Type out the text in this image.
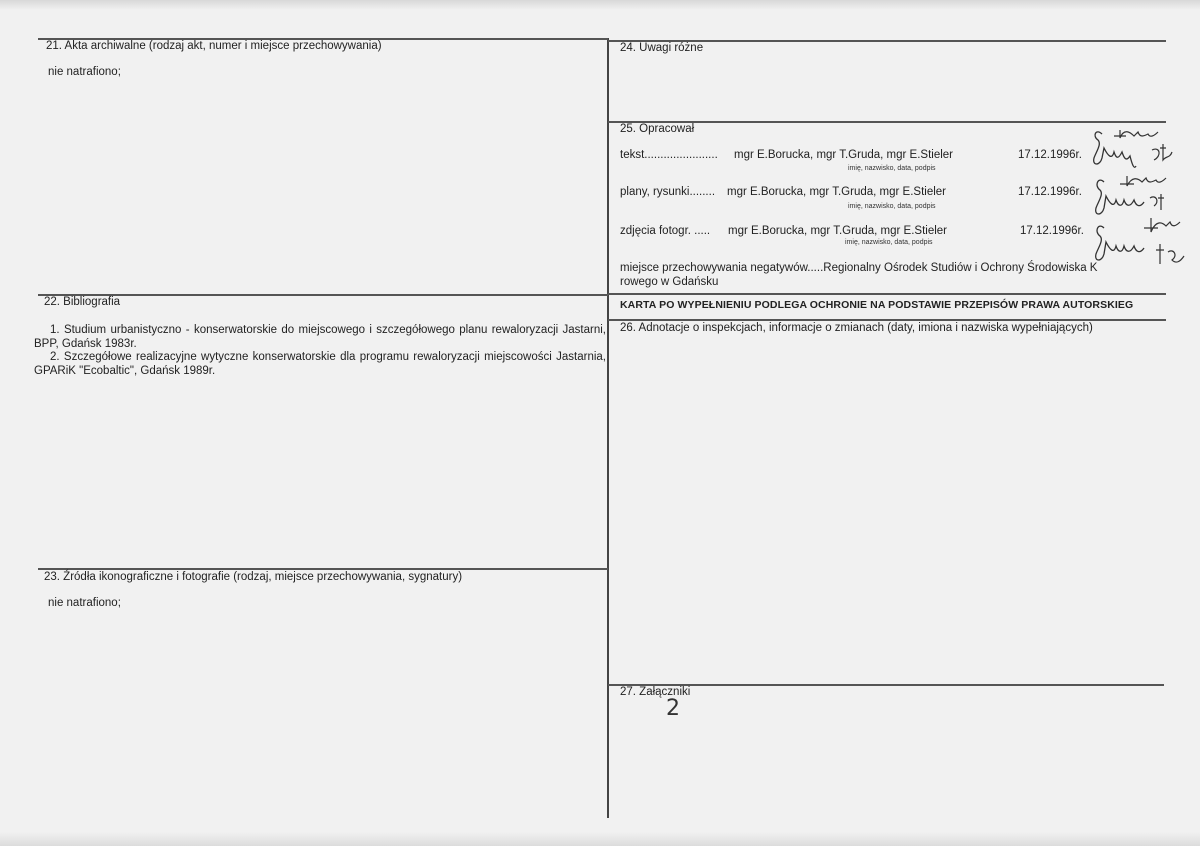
21. Akta archiwalne (rodzaj akt, numer i miejsce przechowywania)
nie natrafiono;
22. Bibliografia

1. Studium urbanistyczno - konserwatorskie do miejscowego i szczegółowego planu rewaloryzacji Jastarni, BPP, Gdańsk 1983r.

2. Szczegółowe realizacyjne wytyczne konserwatorskie dla programu rewaloryzacji miejscowości Jastarnia, GPARiK "Ecobaltic", Gdańsk 1989r.

23. Źródła ikonograficzne i fotografie (rodzaj, miejsce przechowywania, sygnatury)
nie natrafiono;
24. Uwagi różne
25. Opracował
tekst....................... mgr E.Borucka, mgr T.Gruda, mgr E.Stieler	17.12.1996r.
imię, nazwisko, data, podpis
plany, rysunki........ mgr E.Borucka, mgr T.Gruda, mgr E.Stieler	17.12.1996r.
imię, nazwisko, data, podpis
zdjęcia fotogr. ..... mgr E.Borucka, mgr T.Gruda, mgr E.Stieler	17.12.1996r.
imię, nazwisko, data, podpis
miejsce przechowywania negatywów.....Regionalny Ośrodek Studiów i Ochrony Środowiska K
rowego w Gdańsku
KARTA PO WYPEŁNIENIU PODLEGA OCHRONIE NA PODSTAWIE PRZEPISÓW PRAWA AUTORSKIEG
26. Adnotacje o inspekcjach, informacje o zmianach (daty, imiona i nazwiska wypełniających)
27. Załączniki
2
